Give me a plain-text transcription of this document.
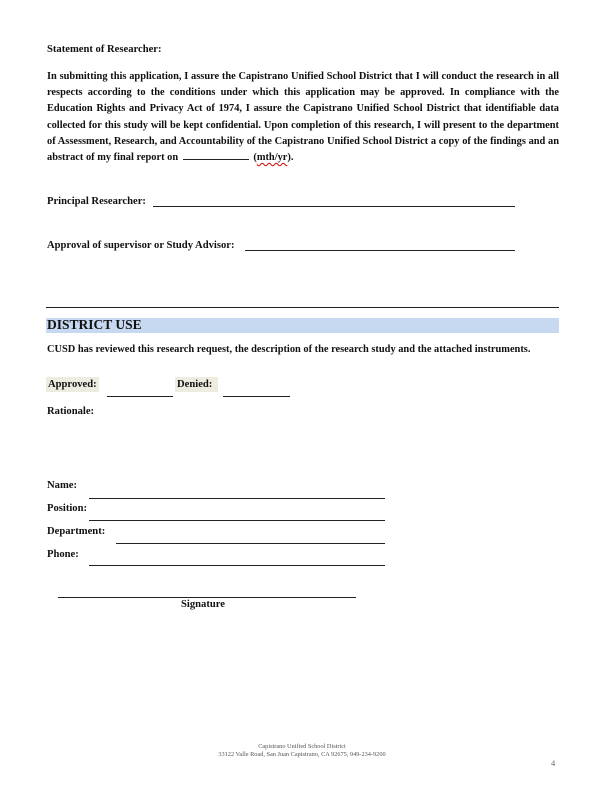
Statement of Researcher:
In submitting this application, I assure the Capistrano Unified School District that I will conduct the research in all respects according to the conditions under which this application may be approved. In compliance with the Education Rights and Privacy Act of 1974, I assure the Capistrano Unified School District that identifiable data collected for this study will be kept confidential. Upon completion of this research, I will present to the department of Assessment, Research, and Accountability of the Capistrano Unified School District a copy of the findings and an abstract of my final report on	(mth/yr).
Principal Researcher:
Approval of supervisor or Study Advisor:
DISTRICT USE
CUSD has reviewed this research request, the description of the research study and the attached instruments.
Approved:	Denied:
Rationale:
Name:
Position:
Department:
Phone:
Signature
Capistrano Unified School District
33122 Valle Road, San Juan Capistrano, CA 92675, 949-234-9200
4
